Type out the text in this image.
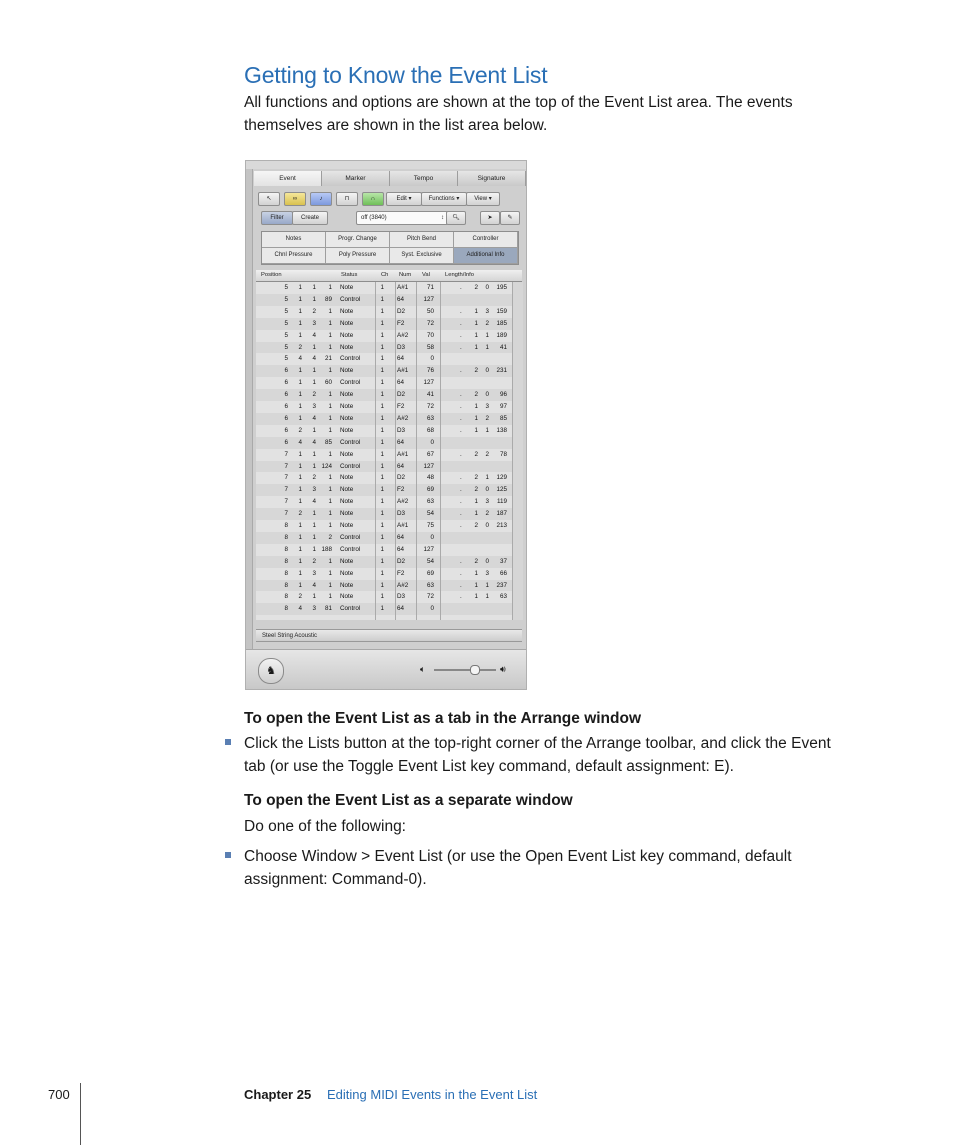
Getting to Know the Event List
All functions and options are shown at the top of the Event List area. The events
themselves are shown in the list area below.
Event	Marker	Tempo	Signature
↖	∞	♪	⊓	∩	Edit ▾	Functions ▾	View ▾
Filter	Create	off (3840)	↕	🔍︎	➤	✎
Notes	Progr. Change	Pitch Bend	Controller
Chnl Pressure	Poly Pressure	Syst. Exclusive	Additional Info
Position	Status	Ch Num Val	Length/Info
5	1	1	1 Note	1 A#1	71	.	2	0	195
5	1	1	89 Control	1 64	127
5	1	2	1 Note	1 D2	50	.	1	3	159
5	1	3	1 Note	1 F2	72	.	1	2	185
5	1	4	1 Note	1 A#2	70	.	1	1	189
5	2	1	1 Note	1 D3	58	.	1	1	41
5	4	4	21 Control	1 64	0
6	1	1	1 Note	1 A#1	76	.	2	0	231
6	1	1	60 Control	1 64	127
6	1	2	1 Note	1 D2	41	.	2	0	96
6	1	3	1 Note	1 F2	72	.	1	3	97
6	1	4	1 Note	1 A#2	63	.	1	2	85
6	2	1	1 Note	1 D3	68	.	1	1	138
6	4	4	85 Control	1 64	0
7	1	1	1 Note	1 A#1	67	.	2	2	78
7	1	1 124 Control	1 64	127
7	1	2	1 Note	1 D2	48	.	2	1	129
7	1	3	1 Note	1 F2	69	.	2	0	125
7	1	4	1 Note	1 A#2	63	.	1	3	119
7	2	1	1 Note	1 D3	54	.	1	2	187
8	1	1	1 Note	1 A#1	75	.	2	0	213
8	1	1	2 Control	1 64	0
8	1	1 188 Control	1 64	127
8	1	2	1 Note	1 D2	54	.	2	0	37
8	1	3	1 Note	1 F2	69	.	1	3	66
8	1	4	1 Note	1 A#2	63	.	1	1	237
8	2	1	1 Note	1 D3	72	.	1	1	63
8	4	3	81 Control	1 64	0
Steel String Acoustic
♞	🔈︎	🔊︎
To open the Event List as a tab in the Arrange window
Click the Lists button at the top-right corner of the Arrange toolbar, and click the Event
tab (or use the Toggle Event List key command, default assignment: E).
To open the Event List as a separate window
Do one of the following:
Choose Window > Event List (or use the Open Event List key command, default
assignment: Command-0).
700	Chapter 25 Editing MIDI Events in the Event List
